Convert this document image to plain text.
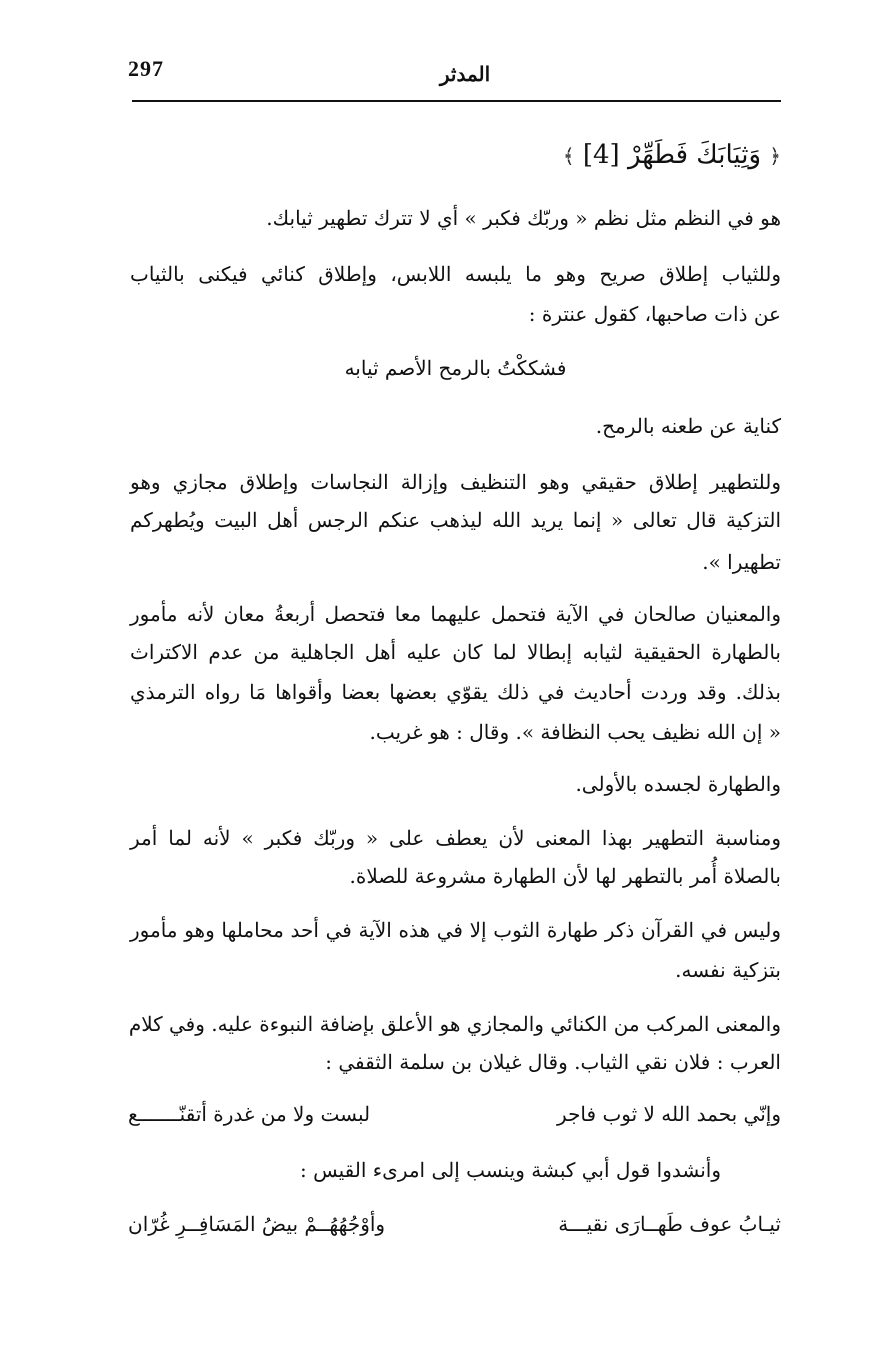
297	المدثر
﴿ وَثِيَابَكَ فَطَهِّرْ [4] ﴾
هو في النظم مثل نظم « وربّك فكبر » أي لا تترك تطهير ثيابك.
وللثياب إطلاق صريح وهو ما يلبسه اللابس، وإطلاق كنائي فيكنى بالثياب
عن ذات صاحبها، كقول عنترة :
فشككْتُ بالرمح الأصم ثيابه
كناية عن طعنه بالرمح.
وللتطهير إطلاق حقيقي وهو التنظيف وإزالة النجاسات وإطلاق مجازي وهو
التزكية قال تعالى « إنما يريد الله ليذهب عنكم الرجس أهل البيت ويُطهركم
تطهيرا ».
والمعنيان صالحان في الآية فتحمل عليهما معا فتحصل أربعةُ معان لأنه مأمور
بالطهارة الحقيقية لثيابه إبطالا لما كان عليه أهل الجاهلية من عدم الاكتراث
بذلك. وقد وردت أحاديث في ذلك يقوّي بعضها بعضا وأقواها مَا رواه الترمذي
« إن الله نظيف يحب النظافة ». وقال : هو غريب.
والطهارة لجسده بالأولى.
ومناسبة التطهير بهذا المعنى لأن يعطف على « وربّك فكبر » لأنه لما أمر
بالصلاة أُمر بالتطهر لها لأن الطهارة مشروعة للصلاة.
وليس في القرآن ذكر طهارة الثوب إلا في هذه الآية في أحد محاملها وهو مأمور
بتزكية نفسه.
والمعنى المركب من الكنائي والمجازي هو الأعلق بإضافة النبوءة عليه. وفي كلام
العرب : فلان نقي الثياب. وقال غيلان بن سلمة الثقفي :
وإنّي بحمد الله لا ثوب فاجر
لبست ولا من غدرة أتقنّـــــــع
وأنشدوا قول أبي كبشة وينسب إلى امرىء القيس :
ثيـابُ عوف طَهــارَى نقيـــة
وأوْجُهُهُــمْ بيضُ المَسَافِــرِ غُرّان
